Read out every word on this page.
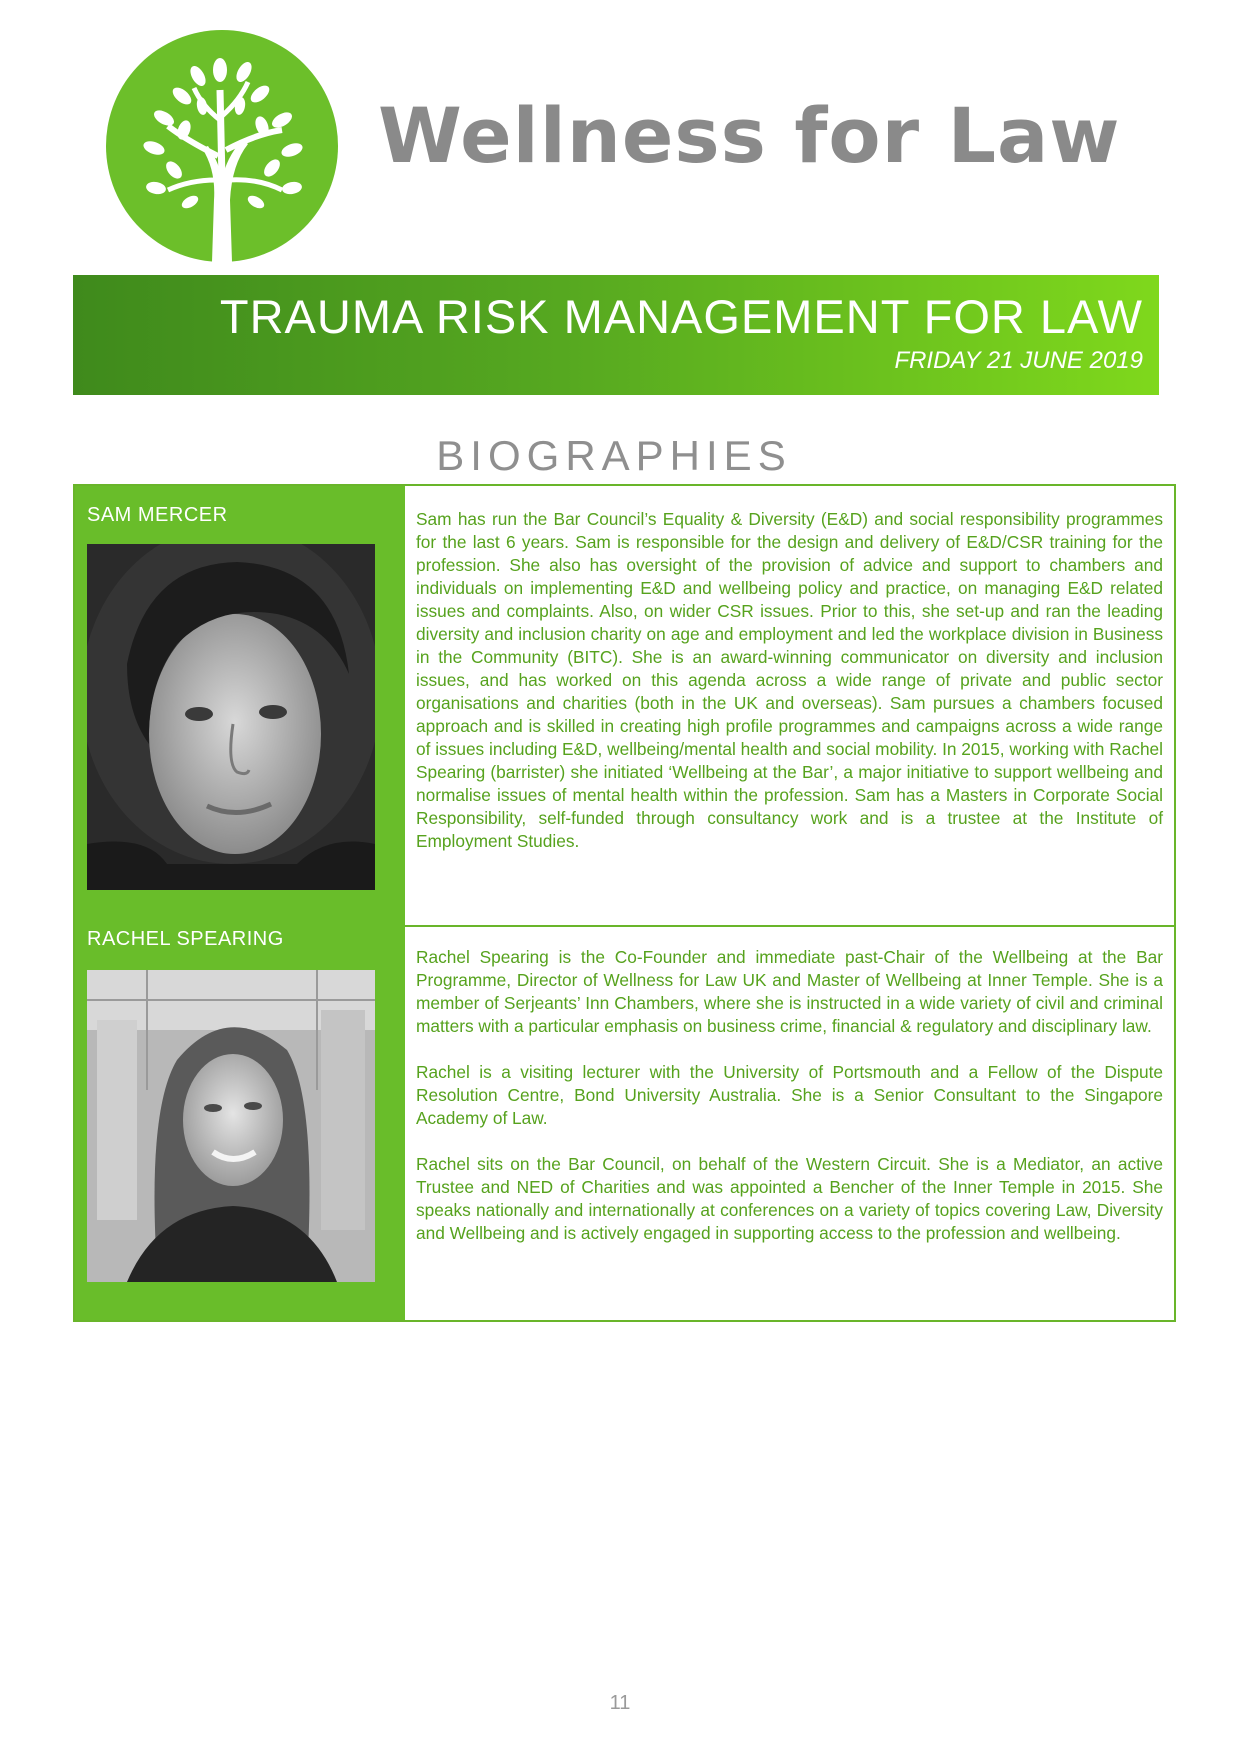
Wellness for Law
TRAUMA RISK MANAGEMENT FOR LAW
FRIDAY 21 JUNE 2019
BIOGRAPHIES
SAM MERCER
RACHEL SPEARING

Sam has run the Bar Council’s Equality & Diversity (E&D) and social responsibility programmes for the last 6 years. Sam is responsible for the design and delivery of E&D/CSR training for the profession. She also has oversight of the provision of advice and support to chambers and individuals on implementing E&D and wellbeing policy and practice, on managing E&D related issues and complaints. Also, on wider CSR issues. Prior to this, she set-up and ran the leading diversity and inclusion charity on age and employment and led the workplace division in Business in the Community (BITC). She is an award-winning communicator on diversity and inclusion issues, and has worked on this agenda across a wide range of private and public sector organisations and charities (both in the UK and overseas). Sam pursues a chambers focused approach and is skilled in creating high profile programmes and campaigns across a wide range of issues including E&D, wellbeing/mental health and social mobility. In 2015, working with Rachel Spearing (barrister) she initiated ‘Wellbeing at the Bar’, a major initiative to support wellbeing and normalise issues of mental health within the profession. Sam has a Masters in Corporate Social Responsibility, self-funded through consultancy work and is a trustee at the Institute of Employment Studies.

Rachel Spearing is the Co-Founder and immediate past-Chair of the Wellbeing at the Bar Programme, Director of Wellness for Law UK and Master of Wellbeing at Inner Temple. She is a member of Serjeants’ Inn Chambers, where she is instructed in a wide variety of civil and criminal matters with a particular emphasis on business crime, financial & regulatory and disciplinary law.

Rachel is a visiting lecturer with the University of Portsmouth and a Fellow of the Dispute Resolution Centre, Bond University Australia. She is a Senior Consultant to the Singapore Academy of Law.

Rachel sits on the Bar Council, on behalf of the Western Circuit. She is a Mediator, an active Trustee and NED of Charities and was appointed a Bencher of the Inner Temple in 2015. She speaks nationally and internationally at conferences on a variety of topics covering Law, Diversity and Wellbeing and is actively engaged in supporting access to the profession and wellbeing.

11
